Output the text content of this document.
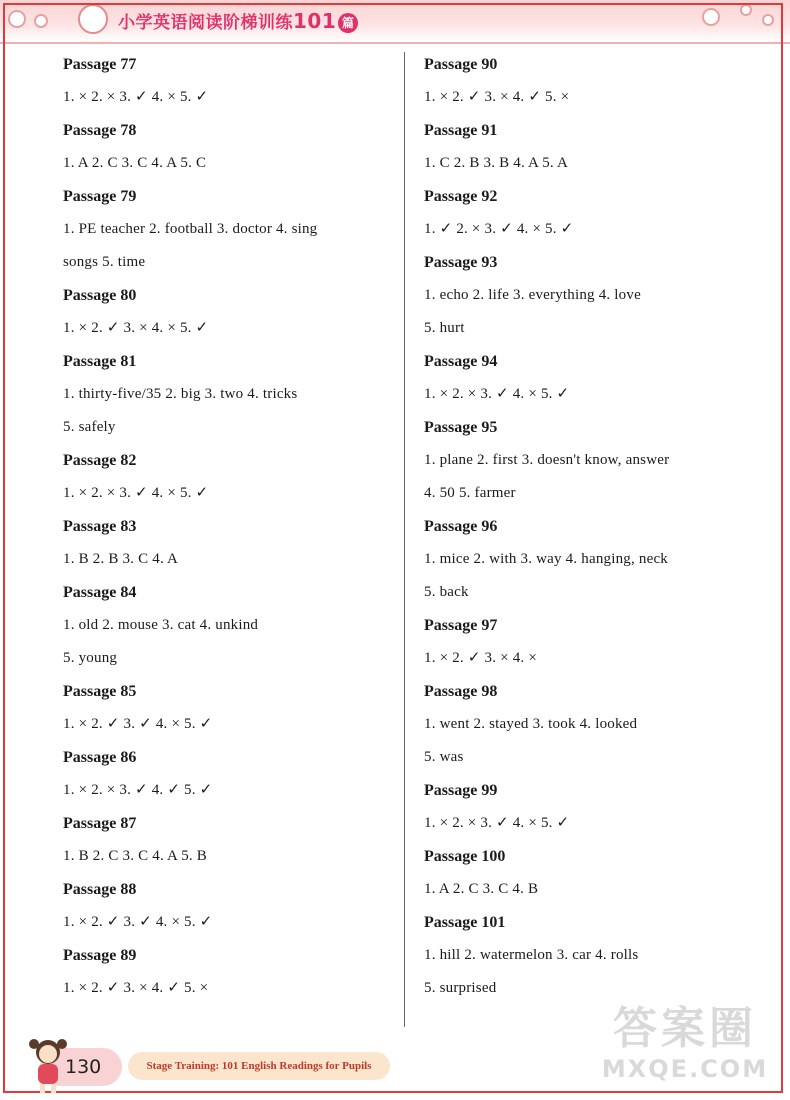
小学英语阅读阶梯训练101 篇
Passage 77
1. × 2. × 3. ✓ 4. × 5. ✓
Passage 78
1. A 2. C 3. C 4. A 5. C
Passage 79
1. PE teacher 2. football 3. doctor 4. sing
songs 5. time
Passage 80
1. × 2. ✓ 3. × 4. × 5. ✓
Passage 81
1. thirty-five/35 2. big 3. two 4. tricks
5. safely
Passage 82
1. × 2. × 3. ✓ 4. × 5. ✓
Passage 83
1. B 2. B 3. C 4. A
Passage 84
1. old 2. mouse 3. cat 4. unkind
5. young
Passage 85
1. × 2. ✓ 3. ✓ 4. × 5. ✓
Passage 86
1. × 2. × 3. ✓ 4. ✓ 5. ✓
Passage 87
1. B 2. C 3. C 4. A 5. B
Passage 88
1. × 2. ✓ 3. ✓ 4. × 5. ✓
Passage 89
1. × 2. ✓ 3. × 4. ✓ 5. ×
Passage 90
1. × 2. ✓ 3. × 4. ✓ 5. ×
Passage 91
1. C 2. B 3. B 4. A 5. A
Passage 92
1. ✓ 2. × 3. ✓ 4. × 5. ✓
Passage 93
1. echo 2. life 3. everything 4. love
5. hurt
Passage 94
1. × 2. × 3. ✓ 4. × 5. ✓
Passage 95
1. plane 2. first 3. doesn't know, answer
4. 50 5. farmer
Passage 96
1. mice 2. with 3. way 4. hanging, neck
5. back
Passage 97
1. × 2. ✓ 3. × 4. ×
Passage 98
1. went 2. stayed 3. took 4. looked
5. was
Passage 99
1. × 2. × 3. ✓ 4. × 5. ✓
Passage 100
1. A 2. C 3. C 4. B
Passage 101
1. hill 2. watermelon 3. car 4. rolls
5. surprised
130	Stage Training: 101 English Readings for Pupils
答案圈
MXQE.COM
